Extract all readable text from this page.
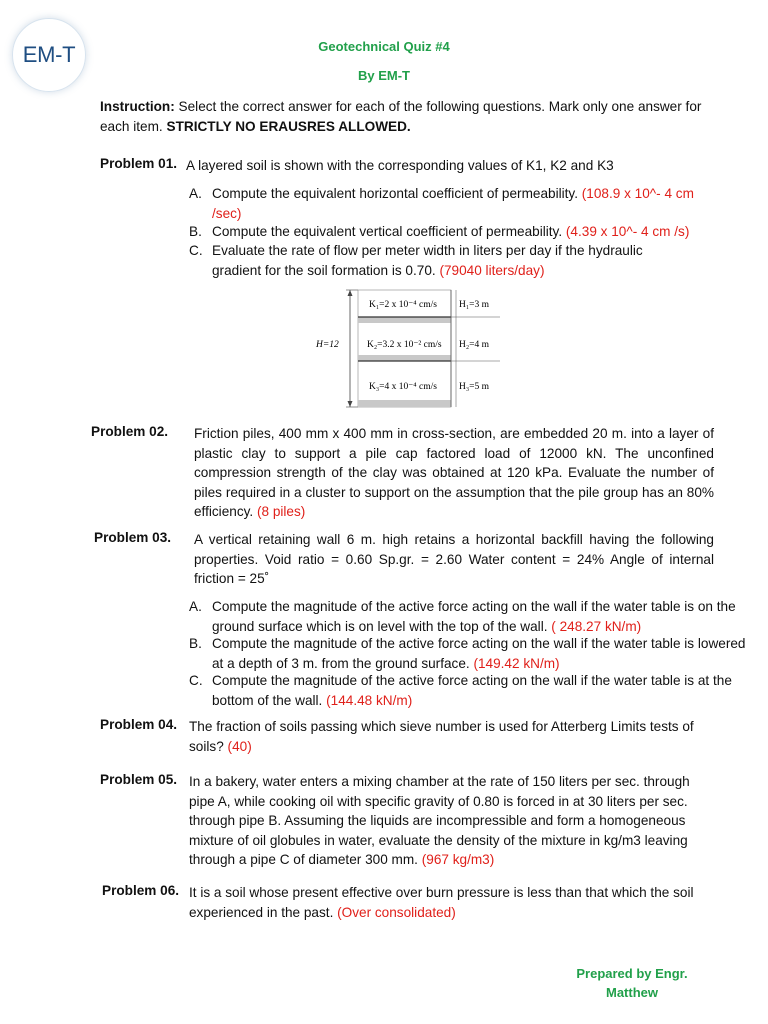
EM-T	Geotechnical Quiz #4
By EM-T

Instruction: Select the correct answer for each of the following questions. Mark only one answer for each item. STRICTLY NO ERAUSRES ALLOWED.

Problem 01. A layered soil is shown with the corresponding values of K1, K2 and K3
A. Compute the equivalent horizontal coefficient of permeability. (108.9 x 10^- 4 cm /sec)
B. Compute the equivalent vertical coefficient of permeability. (4.39 x 10^- 4 cm /s)
C. Evaluate the rate of flow per meter width in liters per day if the hydraulic gradient for the soil formation is 0.70. (79040 liters/day)
H=12
K₁=2 x 10⁻⁴ cm/s H₁=3 m
K₂=3.2 x 10⁻² cm/s H₂=4 m
K₃=4 x 10⁻⁴ cm/s H₃=5 m
Problem 02. Friction piles, 400 mm x 400 mm in cross-section, are embedded 20 m. into a layer of plastic clay to support a pile cap factored load of 12000 kN. The unconfined compression strength of the clay was obtained at 120 kPa. Evaluate the number of piles required in a cluster to support on the assumption that the pile group has an 80% efficiency. (8 piles)
Problem 03. A vertical retaining wall 6 m. high retains a horizontal backfill having the following properties. Void ratio = 0.60 Sp.gr. = 2.60 Water content = 24% Angle of internal friction = 25˚
A. Compute the magnitude of the active force acting on the wall if the water table is on the ground surface which is on level with the top of the wall. ( 248.27 kN/m)
B. Compute the magnitude of the active force acting on the wall if the water table is lowered at a depth of 3 m. from the ground surface. (149.42 kN/m)
C. Compute the magnitude of the active force acting on the wall if the water table is at the bottom of the wall. (144.48 kN/m)
Problem 04. The fraction of soils passing which sieve number is used for Atterberg Limits tests of soils? (40)
Problem 05. In a bakery, water enters a mixing chamber at the rate of 150 liters per sec. through pipe A, while cooking oil with specific gravity of 0.80 is forced in at 30 liters per sec. through pipe B. Assuming the liquids are incompressible and form a homogeneous mixture of oil globules in water, evaluate the density of the mixture in kg/m3 leaving through a pipe C of diameter 300 mm. (967 kg/m3)
Problem 06. It is a soil whose present effective over burn pressure is less than that which the soil experienced in the past. (Over consolidated)
Prepared by Engr.
Matthew
